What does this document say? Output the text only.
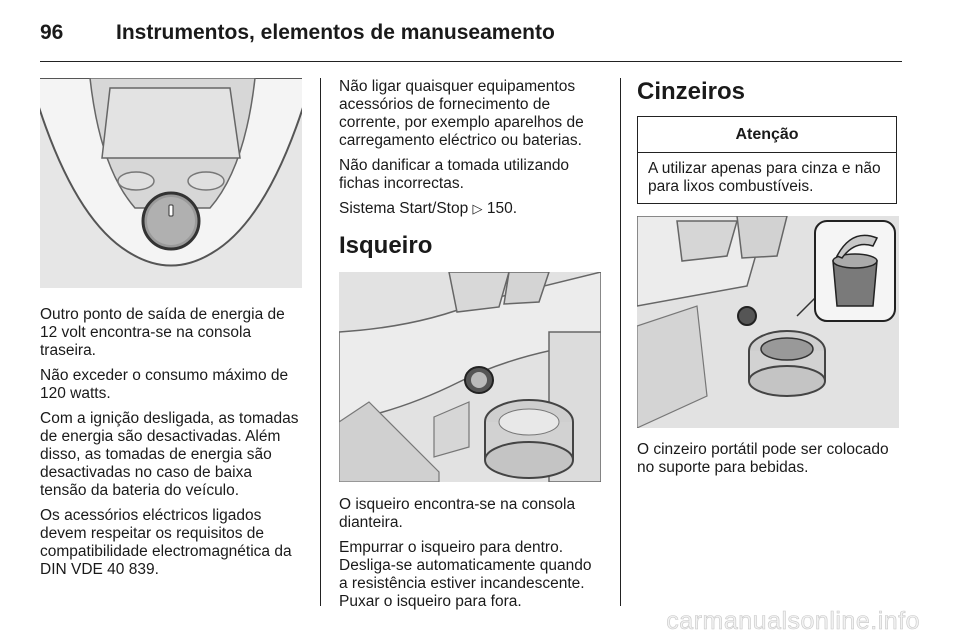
96	Instrumentos, elementos de manuseamento

Outro ponto de saída de energia de 12 volt encontra-se na consola traseira.

Não exceder o consumo máximo de 120 watts.

Com a ignição desligada, as tomadas de energia são desactivadas. Além disso, as tomadas de energia são desactivadas no caso de baixa tensão da bateria do veículo.

Os acessórios eléctricos ligados devem respeitar os requisitos de compatibilidade electromagnética da DIN VDE 40 839.

Não ligar quaisquer equipamentos acessórios de fornecimento de corrente, por exemplo aparelhos de carregamento eléctrico ou baterias.

Não danificar a tomada utilizando fichas incorrectas.

Sistema Start/Stop ▷ 150.

Isqueiro

O isqueiro encontra-se na consola dianteira.

Empurrar o isqueiro para dentro. Desliga-se automaticamente quando a resistência estiver incandescente. Puxar o isqueiro para fora.

Cinzeiros
Atenção
A utilizar apenas para cinza e não para lixos combustíveis.

O cinzeiro portátil pode ser colocado no suporte para bebidas.

carmanualsonline.info
